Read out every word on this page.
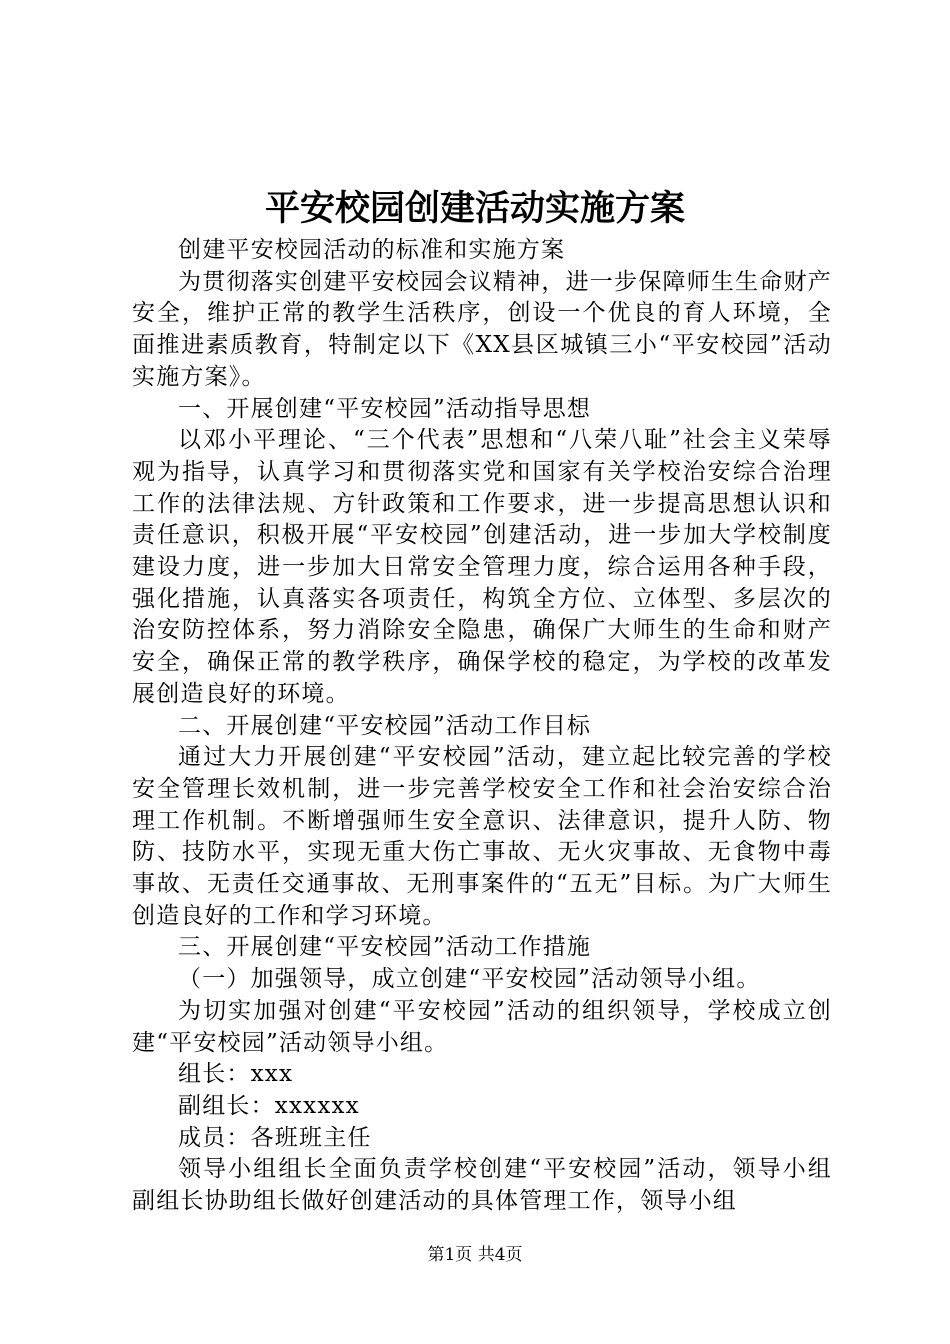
平安校园创建活动实施方案

创建平安校园活动的标准和实施方案

为贯彻落实创建平安校园会议精神，进一步保障师生生命财产安全，维护正常的教学生活秩序，创设一个优良的育人环境，全面推进素质教育，特制定以下《XX县区城镇三小“平安校园”活动实施方案》。

一、开展创建“平安校园”活动指导思想

以邓小平理论、“三个代表”思想和“八荣八耻”社会主义荣辱观为指导，认真学习和贯彻落实党和国家有关学校治安综合治理工作的法律法规、方针政策和工作要求，进一步提高思想认识和责任意识，积极开展“平安校园”创建活动，进一步加大学校制度建设力度，进一步加大日常安全管理力度，综合运用各种手段，强化措施，认真落实各项责任，构筑全方位、立体型、多层次的治安防控体系，努力消除安全隐患，确保广大师生的生命和财产安全，确保正常的教学秩序，确保学校的稳定，为学校的改革发展创造良好的环境。

二、开展创建“平安校园”活动工作目标

通过大力开展创建“平安校园”活动，建立起比较完善的学校安全管理长效机制，进一步完善学校安全工作和社会治安综合治理工作机制。不断增强师生安全意识、法律意识，提升人防、物防、技防水平，实现无重大伤亡事故、无火灾事故、无食物中毒事故、无责任交通事故、无刑事案件的“五无”目标。为广大师生创造良好的工作和学习环境。

三、开展创建“平安校园”活动工作措施

（一）加强领导，成立创建“平安校园”活动领导小组。

为切实加强对创建“平安校园”活动的组织领导，学校成立创建“平安校园”活动领导小组。

组长：xxx

副组长：xxxxxx

成员：各班班主任

领导小组组长全面负责学校创建“平安校园”活动，领导小组副组长协助组长做好创建活动的具体管理工作，领导小组

第1页 共4页
